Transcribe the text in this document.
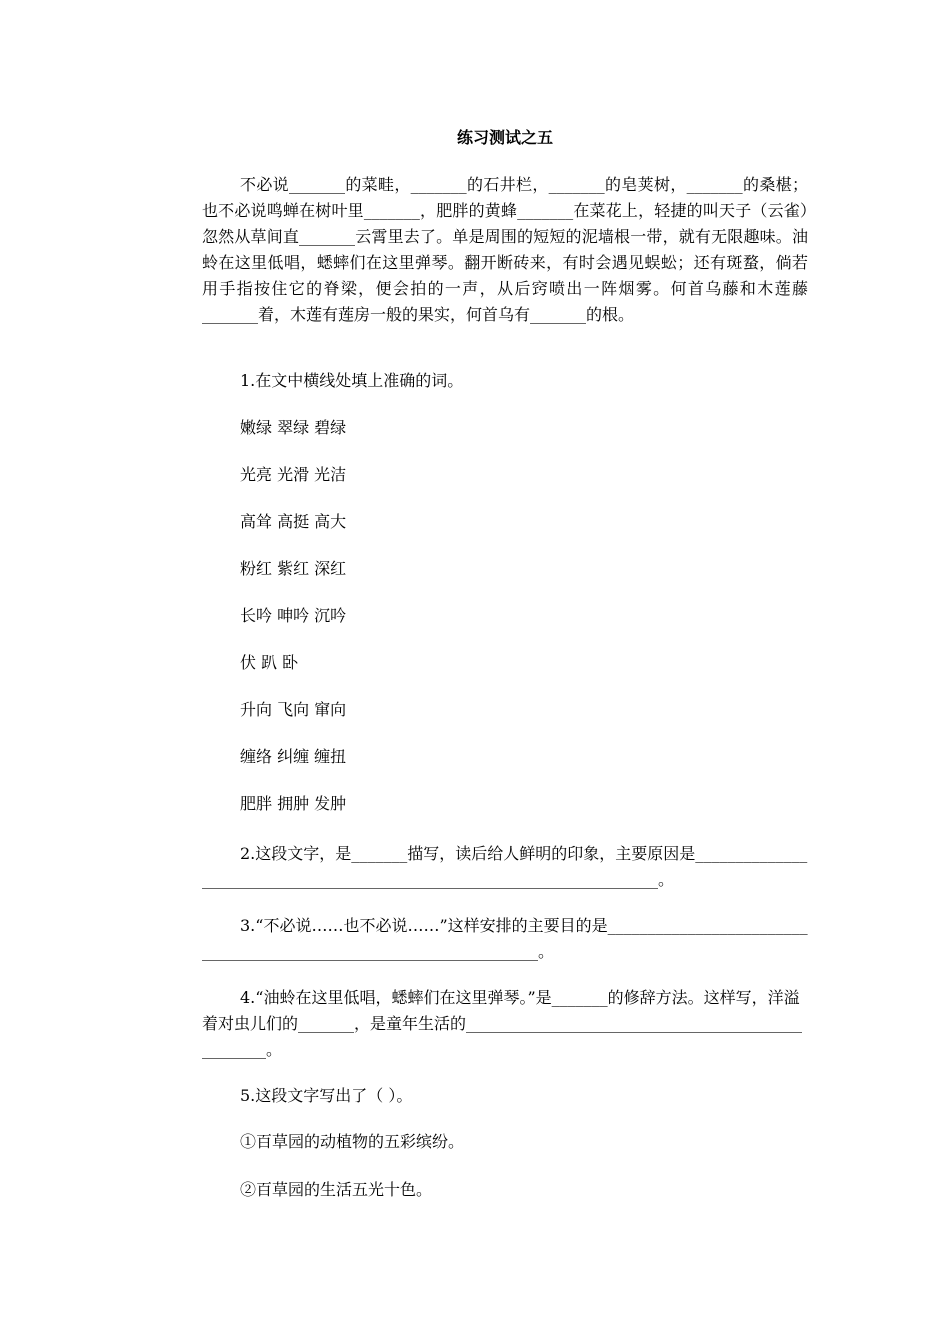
练习测试之五

不必说_______的菜畦，_______的石井栏，_______的皂荚树，_______的桑椹；也不必说鸣蝉在树叶里_______，肥胖的黄蜂_______在菜花上，轻捷的叫天子（云雀）忽然从草间直_______云霄里去了。单是周围的短短的泥墙根一带，就有无限趣味。油蛉在这里低唱，蟋蟀们在这里弹琴。翻开断砖来，有时会遇见蜈蚣；还有斑蝥，倘若用手指按住它的脊梁，便会拍的一声，从后窍喷出一阵烟雾。何首乌藤和木莲藤_______着，木莲有莲房一般的果实，何首乌有_______的根。

1.在文中横线处填上准确的词。

嫩绿 翠绿 碧绿
光亮 光滑 光洁
高耸 高挺 高大
粉红 紫红 深红
长吟 呻吟 沉吟
伏 趴 卧
升向 飞向 窜向
缠络 纠缠 缠扭
肥胖 拥肿 发肿

2.这段文字，是_______描写，读后给人鲜明的印象，主要原因是_______________________________________________________________________。

3.“不必说……也不必说……”这样安排的主要目的是___________________________________________________________________。

4.“油蛉在这里低唱，蟋蟀们在这里弹琴。”是_______的修辞方法。这样写，洋溢着对虫儿们的_______，是童年生活的__________________________________________________。

5.这段文字写出了（ ）。

①百草园的动植物的五彩缤纷。
②百草园的生活五光十色。
